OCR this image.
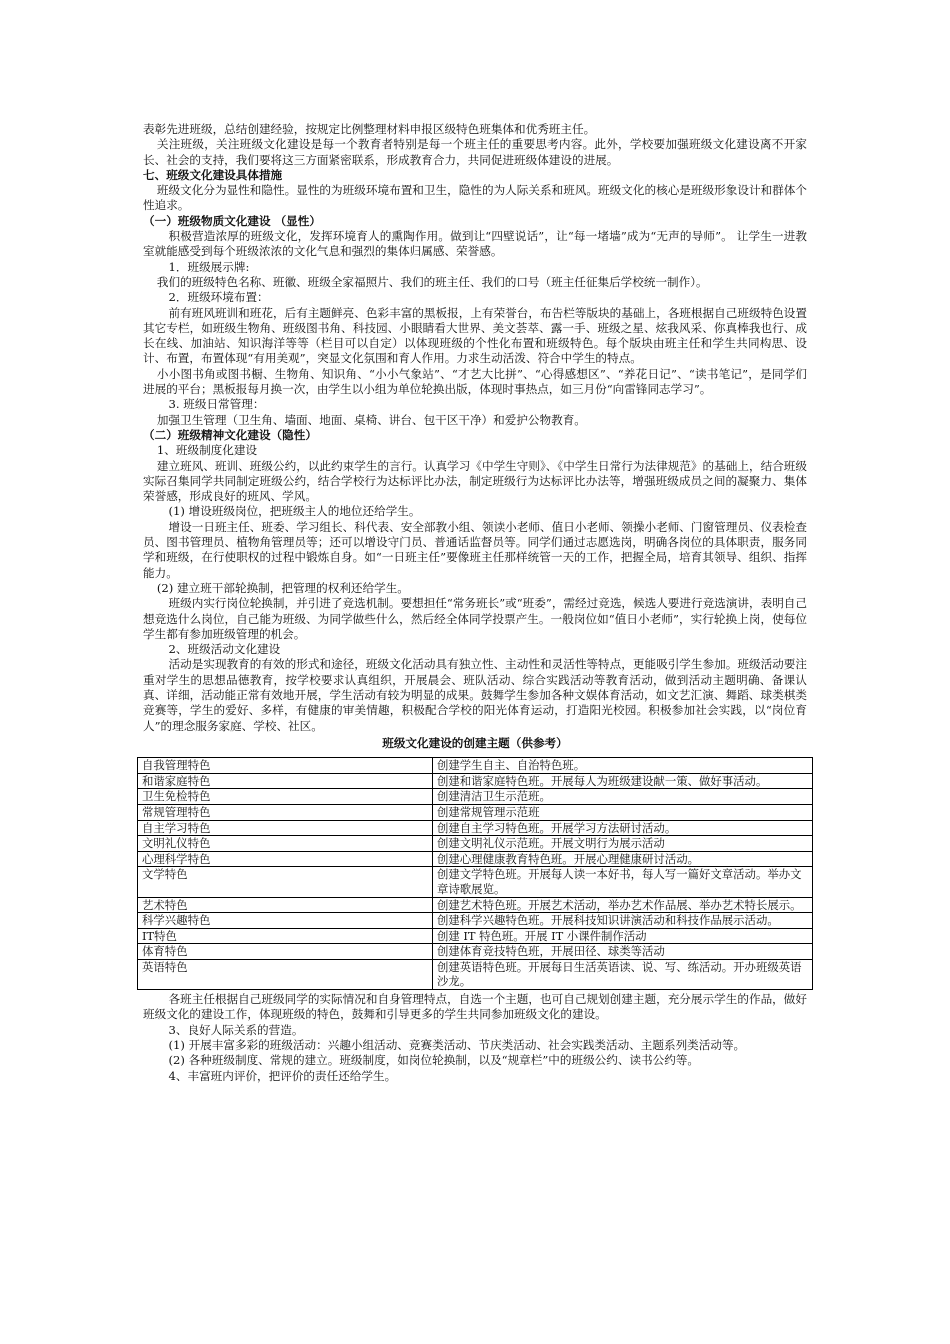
表彰先进班级，总结创建经验，按规定比例整理材料申报区级特色班集体和优秀班主任。

关注班级，关注班级文化建设是每一个教育者特别是每一个班主任的重要思考内容。此外，学校要加强班级文化建设离不开家长、社会的支持，我们要将这三方面紧密联系，形成教育合力，共同促进班级体建设的进展。

七、班级文化建设具体措施

班级文化分为显性和隐性。显性的为班级环境布置和卫生，隐性的为人际关系和班风。班级文化的核心是班级形象设计和群体个性追求。

（一）班级物质文化建设 （显性）

积极营造浓厚的班级文化，发挥环境育人的熏陶作用。做到让“四壁说话”，让“每一堵墙”成为“无声的导师”。 让学生一进教室就能感受到每个班级浓浓的文化气息和强烈的集体归属感、荣誉感。

1．班级展示牌:

我们的班级特色名称、班徽、班级全家福照片、我们的班主任、我们的口号（班主任征集后学校统一制作）。

2．班级环境布置：

前有班风班训和班花，后有主题鲜亮、色彩丰富的黑板报，上有荣誉台，布告栏等版块的基础上，各班根据自己班级特色设置其它专栏，如班级生物角、班级图书角、科技园、小眼睛看大世界、美文荟萃、露一手、班级之星、炫我风采、你真棒我也行、成长在线、加油站、知识海洋等等（栏目可以自定）以体现班级的个性化布置和班级特色。每个版块由班主任和学生共同构思、设计、布置，布置体现“有用美观”，突显文化氛围和育人作用。力求生动活泼、符合中学生的特点。

小小图书角或图书橱、生物角、知识角、“小小气象站”、“才艺大比拼”、“心得感想区”、“养花日记”、“读书笔记”，是同学们进展的平台；黑板报每月换一次，由学生以小组为单位轮换出版，体现时事热点，如三月份“向雷锋同志学习”。

3. 班级日常管理：

加强卫生管理（卫生角、墙面、地面、桌椅、讲台、包干区干净）和爱护公物教育。

（二）班级精神文化建设（隐性）

1、班级制度化建设

建立班风、班训、班级公约，以此约束学生的言行。认真学习《中学生守则》、《中学生日常行为法律规范》的基础上，结合班级实际召集同学共同制定班级公约，结合学校行为达标评比办法，制定班级行为达标评比办法等，增强班级成员之间的凝聚力、集体荣誉感，形成良好的班风、学风。

(1) 增设班级岗位，把班级主人的地位还给学生。

增设一日班主任、班委、学习组长、科代表、安全部教小组、领读小老师、值日小老师、领操小老师、门窗管理员、仪表检查员、图书管理员、植物角管理员等；还可以增设守门员、普通话监督员等。同学们通过志愿选岗，明确各岗位的具体职责，服务同学和班级，在行使职权的过程中锻炼自身。如“一日班主任”要像班主任那样统管一天的工作，把握全局，培育其领导、组织、指挥能力。

(2) 建立班干部轮换制，把管理的权利还给学生。

班级内实行岗位轮换制，并引进了竞选机制。要想担任“常务班长”或“班委”，需经过竞选，候选人要进行竞选演讲，表明自己想竞选什么岗位，自己能为班级、为同学做些什么，然后经全体同学投票产生。一般岗位如“值日小老师”，实行轮换上岗，使每位学生都有参加班级管理的机会。

2、班级活动文化建设

活动是实现教育的有效的形式和途径，班级文化活动具有独立性、主动性和灵活性等特点，更能吸引学生参加。班级活动要注重对学生的思想品德教育，按学校要求认真组织，开展晨会、班队活动、综合实践活动等教育活动，做到活动主题明确、备课认真、详细，活动能正常有效地开展，学生活动有较为明显的成果。鼓舞学生参加各种文娱体育活动，如文艺汇演、舞蹈、球类棋类竞赛等，学生的爱好、多样，有健康的审美情趣，积极配合学校的阳光体育运动，打造阳光校园。积极参加社会实践，以“岗位育人”的理念服务家庭、学校、社区。

班级文化建设的创建主题（供参考）

自我管理特色	创建学生自主、自治特色班。
和谐家庭特色	创建和谐家庭特色班。开展每人为班级建设献一策、做好事活动。
卫生免检特色	创建清洁卫生示范班。
常规管理特色	创建常规管理示范班
自主学习特色	创建自主学习特色班。开展学习方法研讨活动。
文明礼仪特色	创建文明礼仪示范班。开展文明行为展示活动
心理科学特色	创建心理健康教育特色班。开展心理健康研讨活动。
文学特色	创建文学特色班。开展每人读一本好书，每人写一篇好文章活动。举办文章诗歌展览。
艺术特色	创建艺术特色班。开展艺术活动，举办艺术作品展、举办艺术特长展示。
科学兴趣特色	创建科学兴趣特色班。开展科技知识讲演活动和科技作品展示活动。
IT特色	创建 IT 特色班。开展 IT 小课件制作活动
体育特色	创建体育竞技特色班，开展田径、球类等活动
英语特色	创建英语特色班。开展每日生活英语读、说、写、练活动。开办班级英语沙龙。

各班主任根据自己班级同学的实际情况和自身管理特点，自选一个主题，也可自己规划创建主题，充分展示学生的作品，做好班级文化的建设工作，体现班级的特色，鼓舞和引导更多的学生共同参加班级文化的建设。

3、良好人际关系的营造。

(1) 开展丰富多彩的班级活动：兴趣小组活动、竞赛类活动、节庆类活动、社会实践类活动、主题系列类活动等。

(2) 各种班级制度、常规的建立。班级制度，如岗位轮换制，以及“规章栏”中的班级公约、读书公约等。

4、丰富班内评价，把评价的责任还给学生。
